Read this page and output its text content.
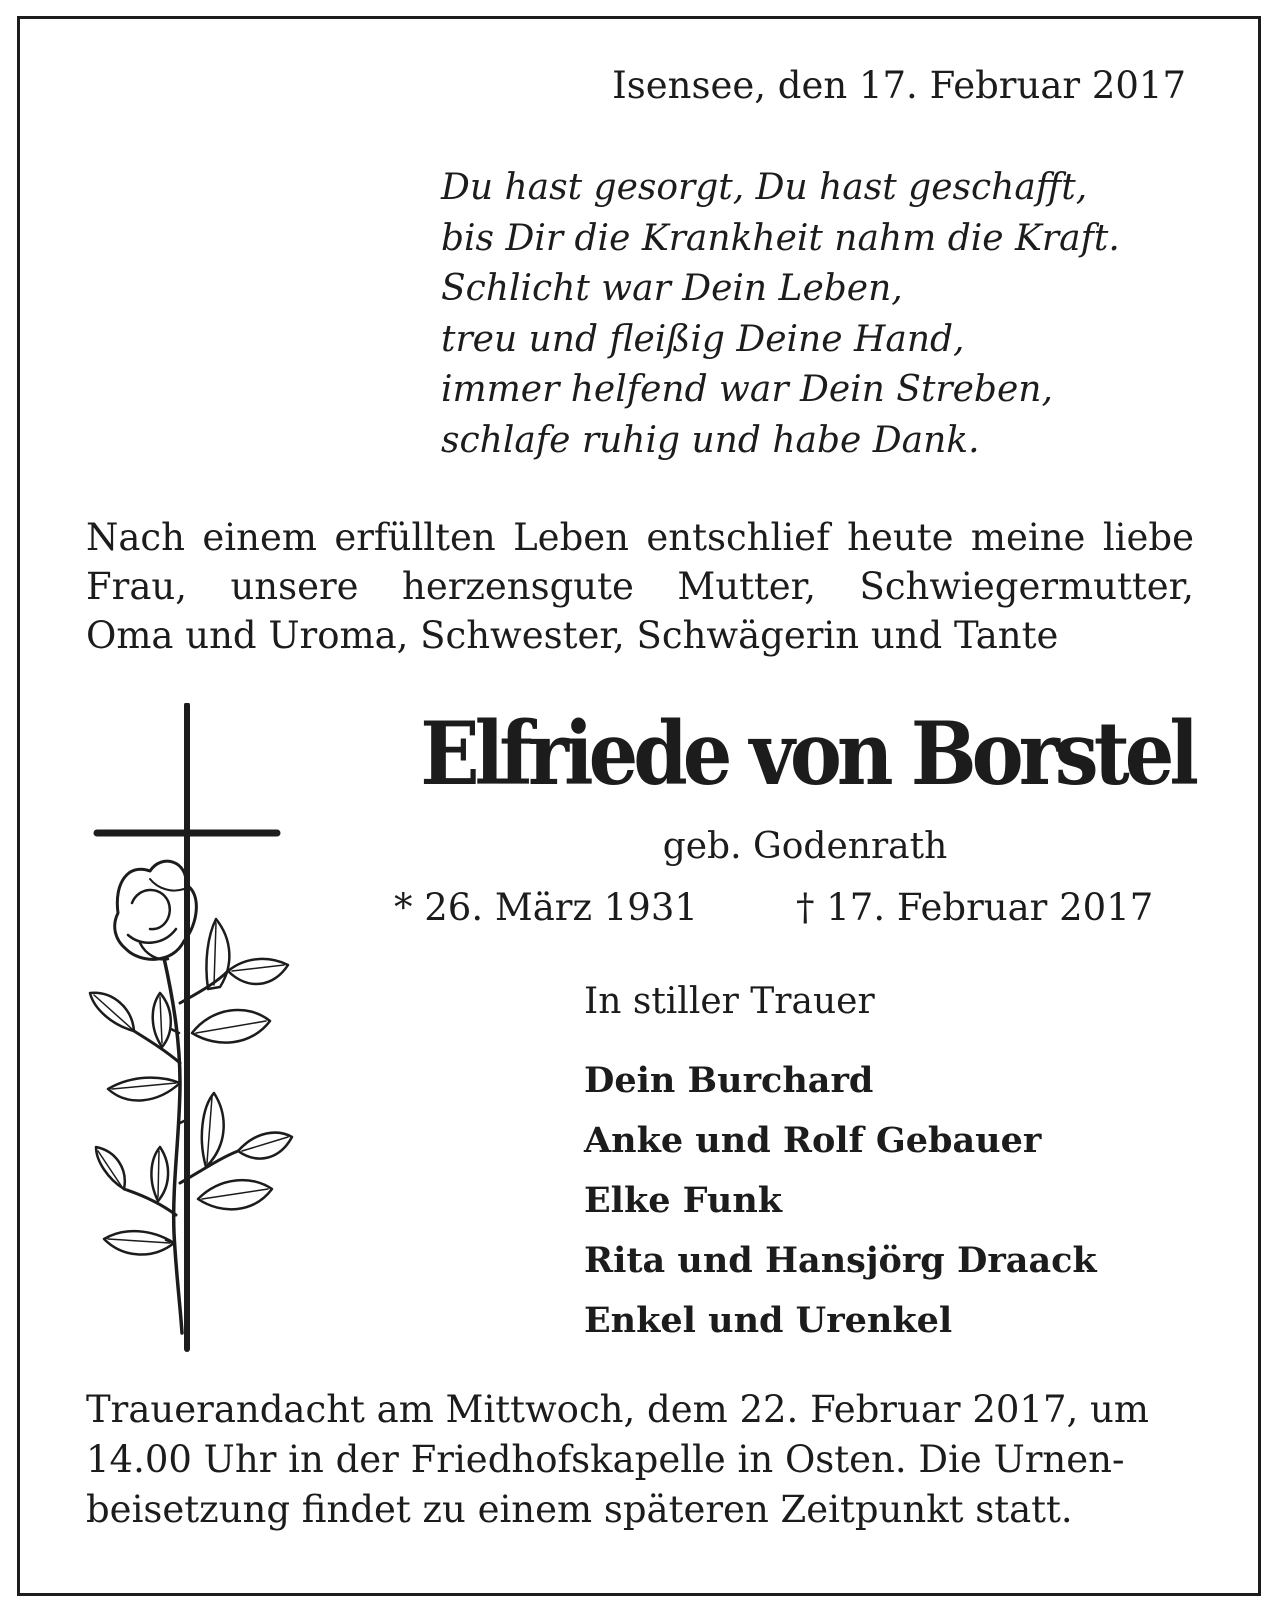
Isensee, den 17. Februar 2017
Du hast gesorgt, Du hast geschafft,
bis Dir die Krankheit nahm die Kraft.
Schlicht war Dein Leben,
treu und fleißig Deine Hand,
immer helfend war Dein Streben,
schlafe ruhig und habe Dank.
Nach einem erfüllten Leben entschlief heute meine liebe
Frau, unsere herzensgute Mutter, Schwiegermutter,
Oma und Uroma, Schwester, Schwägerin und Tante
Elfriede von Borstel
geb. Godenrath
* 26. März 1931	† 17. Februar 2017
In stiller Trauer
Dein Burchard
Anke und Rolf Gebauer
Elke Funk
Rita und Hansjörg Draack
Enkel und Urenkel
Trauerandacht am Mittwoch, dem 22. Februar 2017, um
14.00 Uhr in der Friedhofskapelle in Osten. Die Urnen-
beisetzung findet zu einem späteren Zeitpunkt statt.
